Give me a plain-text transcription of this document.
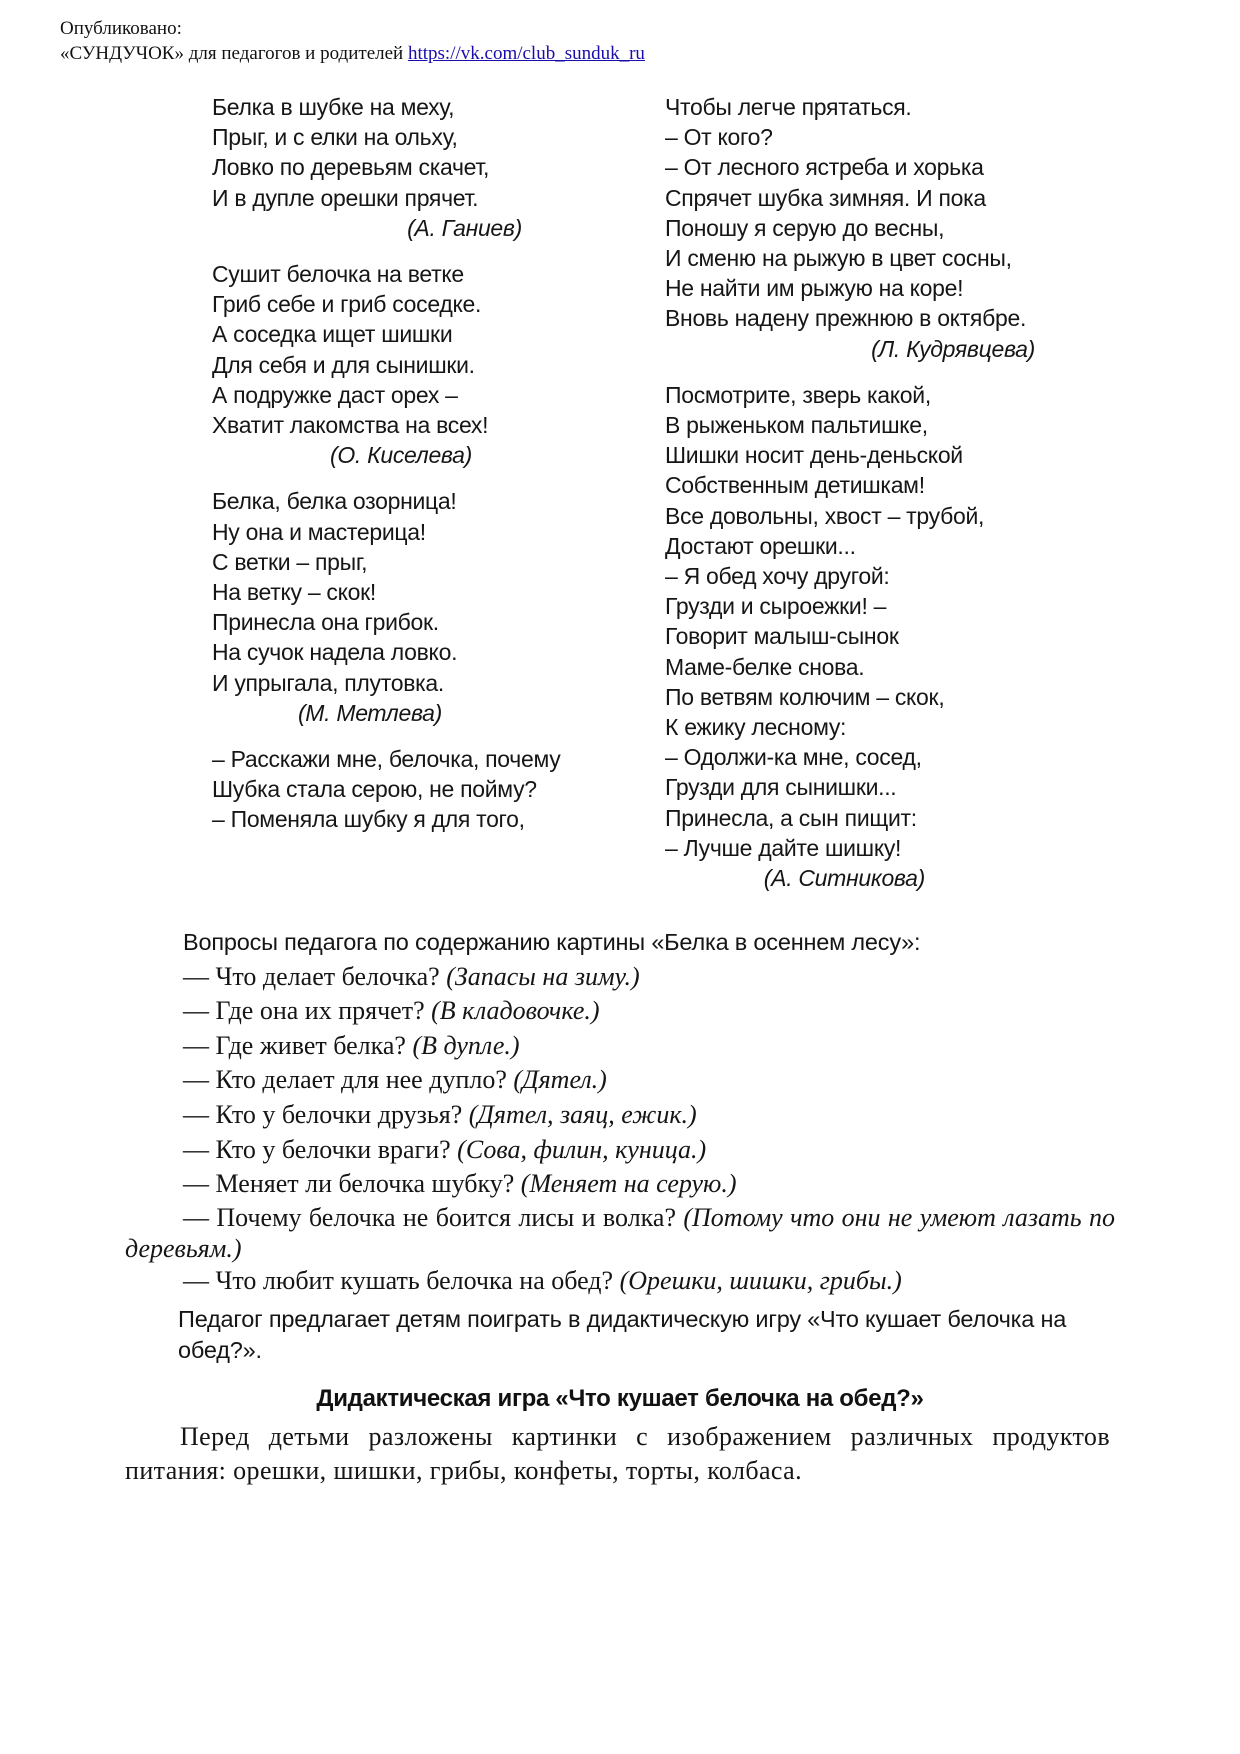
Опубликовано:
«СУНДУЧОК» для педагогов и родителей https://vk.com/club_sunduk_ru
Белка в шубке на меху,
Прыг, и с елки на ольху,
Ловко по деревьям скачет,
И в дупле орешки прячет.
(А. Ганиев)
Сушит белочка на ветке
Гриб себе и гриб соседке.
А соседка ищет шишки
Для себя и для сынишки.
А подружке даст орех –
Хватит лакомства на всех!
(О. Киселева)
Белка, белка озорница!
Ну она и мастерица!
С ветки – прыг,
На ветку – скок!
Принесла она грибок.
На сучок надела ловко.
И упрыгала, плутовка.
(М. Метлева)
– Расскажи мне, белочка, почему
Шубка стала серою, не пойму?
– Поменяла шубку я для того,
Чтобы легче прятаться.
– От кого?
– От лесного ястреба и хорька
Спрячет шубка зимняя. И пока
Поношу я серую до весны,
И сменю на рыжую в цвет сосны,
Не найти им рыжую на коре!
Вновь надену прежнюю в октябре.
(Л. Кудрявцева)
Посмотрите, зверь какой,
В рыженьком пальтишке,
Шишки носит день-деньской
Собственным детишкам!
Все довольны, хвост – трубой,
Достают орешки...
– Я обед хочу другой:
Грузди и сыроежки! –
Говорит малыш-сынок
Маме-белке снова.
По ветвям колючим – скок,
К ежику лесному:
– Одолжи-ка мне, сосед,
Грузди для сынишки...
Принесла, а сын пищит:
– Лучше дайте шишку!
(А. Ситникова)
Вопросы педагога по содержанию картины «Белка в осеннем лесу»:
— Что делает белочка? (Запасы на зиму.)
— Где она их прячет? (В кладовочке.)
— Где живет белка? (В дупле.)
— Кто делает для нее дупло? (Дятел.)
— Кто у белочки друзья? (Дятел, заяц, ежик.)
— Кто у белочки враги? (Сова, филин, куница.)
— Меняет ли белочка шубку? (Меняет на серую.)
— Почему белочка не боится лисы и волка? (Потому что они не умеют лазать по деревьям.)
— Что любит кушать белочка на обед? (Орешки, шишки, грибы.)
Педагог предлагает детям поиграть в дидактическую игру «Что кушает белочка на обед?».
Дидактическая игра «Что кушает белочка на обед?»
Перед детьми разложены картинки с изображением различных продуктов питания: орешки, шишки, грибы, конфеты, торты, колбаса.
